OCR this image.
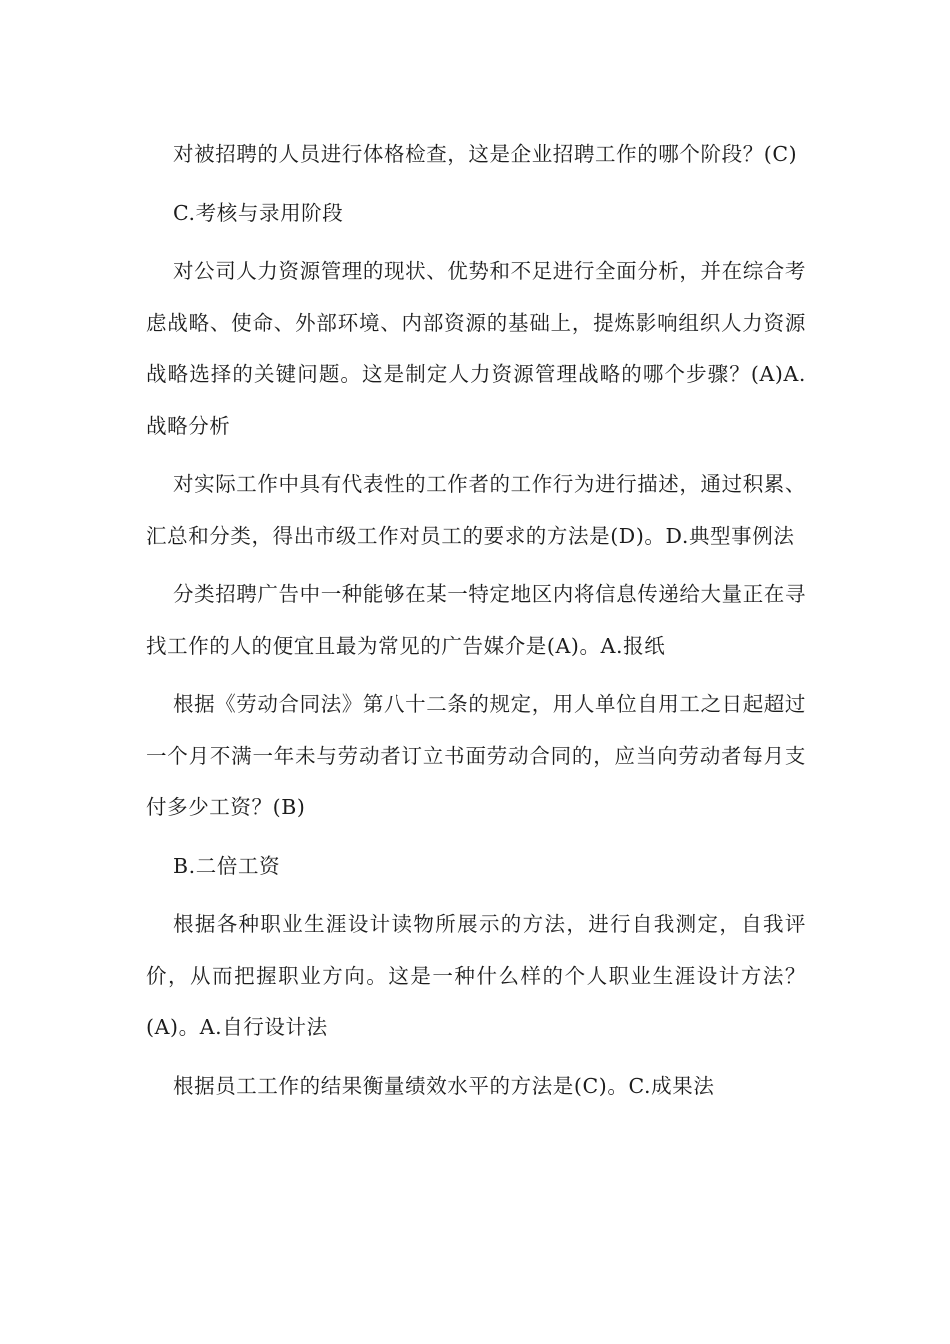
对被招聘的人员进行体格检查，这是企业招聘工作的哪个阶段？(C)

C.考核与录用阶段

对公司人力资源管理的现状、优势和不足进行全面分析，并在综合考虑战略、使命、外部环境、内部资源的基础上，提炼影响组织人力资源战略选择的关键问题。这是制定人力资源管理战略的哪个步骤？(A)A.战略分析

对实际工作中具有代表性的工作者的工作行为进行描述，通过积累、汇总和分类，得出市级工作对员工的要求的方法是(D)。D.典型事例法

分类招聘广告中一种能够在某一特定地区内将信息传递给大量正在寻找工作的人的便宜且最为常见的广告媒介是(A)。A.报纸

根据《劳动合同法》第八十二条的规定，用人单位自用工之日起超过一个月不满一年未与劳动者订立书面劳动合同的，应当向劳动者每月支付多少工资？(B)

B.二倍工资

根据各种职业生涯设计读物所展示的方法，进行自我测定，自我评价，从而把握职业方向。这是一种什么样的个人职业生涯设计方法？(A)。A.自行设计法

根据员工工作的结果衡量绩效水平的方法是(C)。C.成果法
